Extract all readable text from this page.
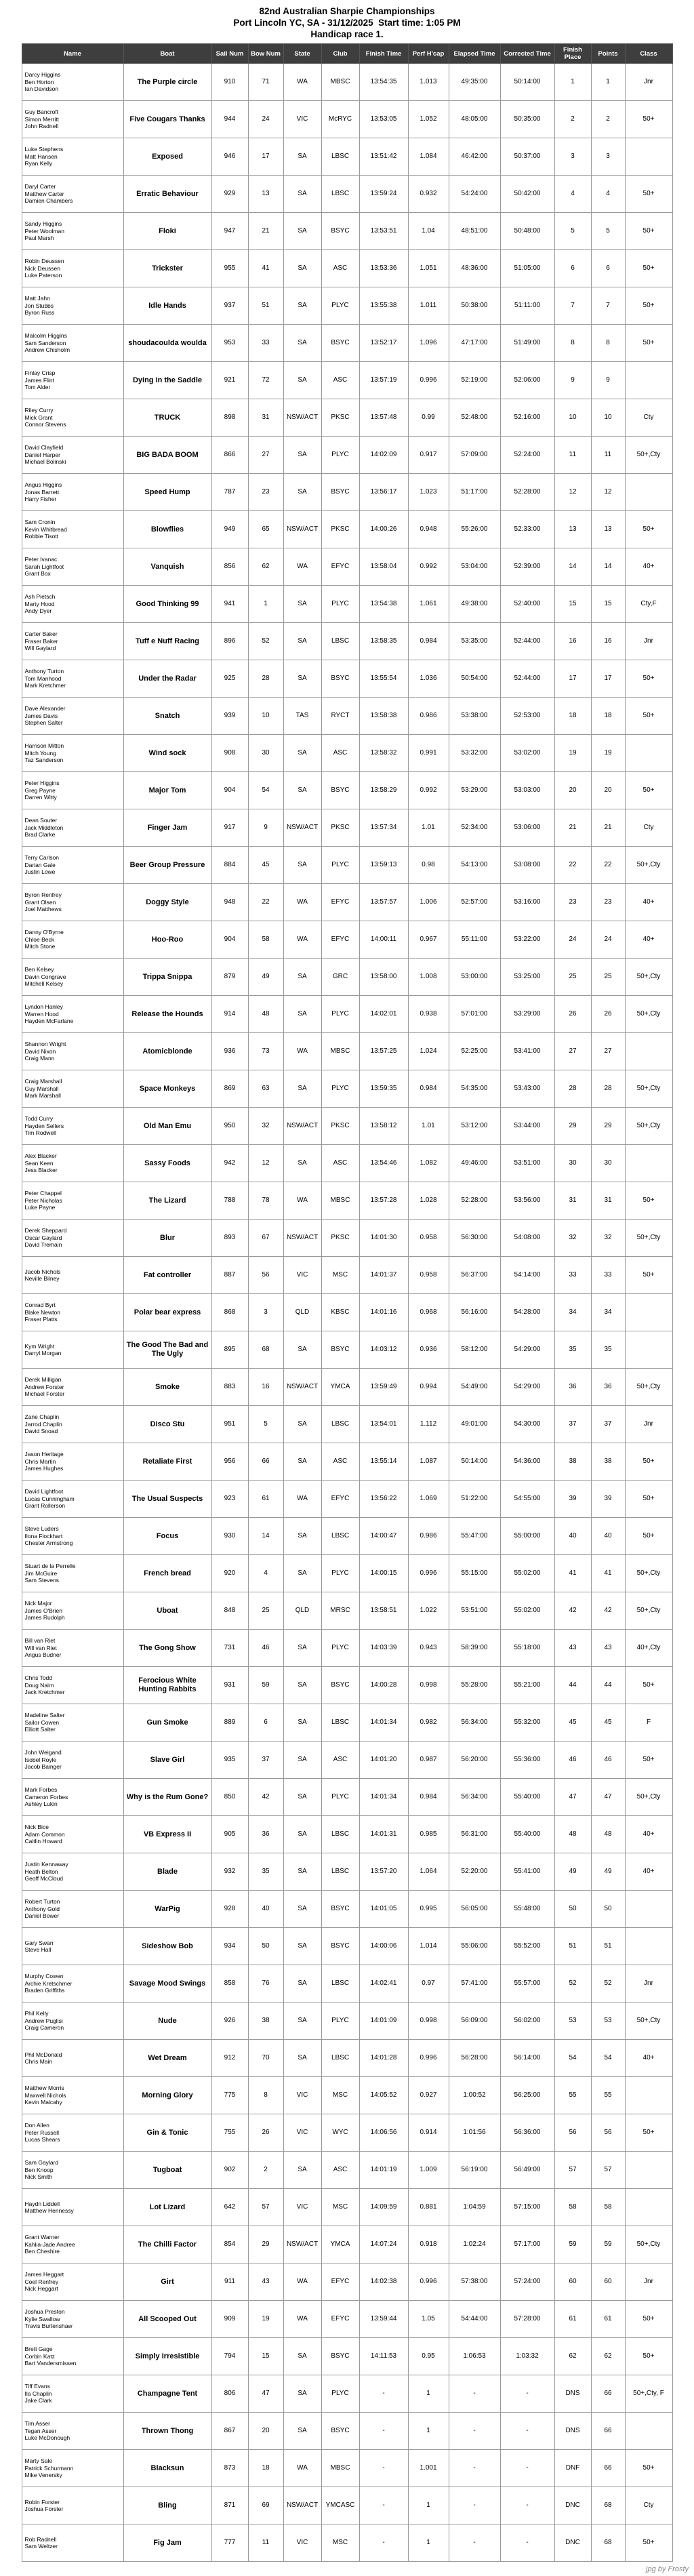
82nd Australian Sharpie Championships
Port Lincoln YC, SA - 31/12/2025  Start time: 1:05 PM
Handicap race 1.
Name	Boat	Sail Num	Bow Num	State	Club	Finish Time	Perf H'cap	Elapsed Time	Corrected Time	Finish Place	Points	Class

Darcy Higgins
Ben Horton
Ian Davidson	The Purple circle	910	71	WA	MBSC	13:54:35	1.013	49:35:00	50:14:00	1	1	Jnr

Guy Bancroft
Simon Merritt
John Radnell	Five Cougars Thanks	944	24	VIC	McRYC	13:53:05	1.052	48:05:00	50:35:00	2	2	50+

Luke Stephens
Matt Hansen
Ryan Kelly	Exposed	946	17	SA	LBSC	13:51:42	1.084	46:42:00	50:37:00	3	3	

Daryl Carter
Matthew Carter
Damien Chambers	Erratic Behaviour	929	13	SA	LBSC	13:59:24	0.932	54:24:00	50:42:00	4	4	50+

Sandy Higgins
Peter Woolman
Paul Marsh	Floki	947	21	SA	BSYC	13:53:51	1.04	48:51:00	50:48:00	5	5	50+

Robin Deussen
Nick Deussen
Luke Paterson	Trickster	955	41	SA	ASC	13:53:36	1.051	48:36:00	51:05:00	6	6	50+

Matt Jahn
Jon Stubbs
Byron Russ	Idle Hands	937	51	SA	PLYC	13:55:38	1.011	50:38:00	51:11:00	7	7	50+

Malcolm Higgins
Sam Sanderson
Andrew Chisholm	shoudacoulda woulda	953	33	SA	BSYC	13:52:17	1.096	47:17:00	51:49:00	8	8	50+

Finlay Crisp
James Flint
Tom Alder	Dying in the Saddle	921	72	SA	ASC	13:57:19	0.996	52:19:00	52:06:00	9	9	

Riley Curry
Mick Grant
Connor Stevens	TRUCK	898	31	NSW/ACT	PKSC	13:57:48	0.99	52:48:00	52:16:00	10	10	Cty

David Clayfield
Daniel Harper
Michael Bolinski	BIG BADA BOOM	866	27	SA	PLYC	14:02:09	0.917	57:09:00	52:24:00	11	11	50+,Cty

Angus Higgins
Jonas Barrett
Harry Fisher	Speed Hump	787	23	SA	BSYC	13:56:17	1.023	51:17:00	52:28:00	12	12	

Sam Cronin
Kevin Whitbread
Robbie Tisott	Blowflies	949	65	NSW/ACT	PKSC	14:00:26	0.948	55:26:00	52:33:00	13	13	50+

Peter Ivanac
Sarah Lightfoot
Grant Box	Vanquish	856	62	WA	EFYC	13:58:04	0.992	53:04:00	52:39:00	14	14	40+

Ash Pietsch
Marty Hood
Andy Dyer	Good Thinking 99	941	1	SA	PLYC	13:54:38	1.061	49:38:00	52:40:00	15	15	Cty,F

Carter Baker
Fraser Baker
Will Gaylard	Tuff e Nuff Racing	896	52	SA	LBSC	13:58:35	0.984	53:35:00	52:44:00	16	16	Jnr

Anthony Turton
Tom Manhood
Mark Kretchmer	Under the Radar	925	28	SA	BSYC	13:55:54	1.036	50:54:00	52:44:00	17	17	50+

Dave Alexander
James Davis
Stephen Salter	Snatch	939	10	TAS	RYCT	13:58:38	0.986	53:38:00	52:53:00	18	18	50+

Harrison Mitton
Mitch Young
Taz Sanderson	Wind sock	908	30	SA	ASC	13:58:32	0.991	53:32:00	53:02:00	19	19	

Peter Higgins
Greg Payne
Darren Witty	Major Tom	904	54	SA	BSYC	13:58:29	0.992	53:29:00	53:03:00	20	20	50+

Dean Souter
Jack Middleton
Brad Clarke	Finger Jam	917	9	NSW/ACT	PKSC	13:57:34	1.01	52:34:00	53:06:00	21	21	Cty

Terry Carlson
Darian Gale
Justin Lowe	Beer Group Pressure	884	45	SA	PLYC	13:59:13	0.98	54:13:00	53:08:00	22	22	50+,Cty

Byron Renfrey
Grant Olsen
Joel Matthews	Doggy Style	948	22	WA	EFYC	13:57:57	1.006	52:57:00	53:16:00	23	23	40+

Danny O'Byrne
Chloe Beck
Mitch Stone	Hoo-Roo	904	58	WA	EFYC	14:00:11	0.967	55:11:00	53:22:00	24	24	40+

Ben Kelsey
Davin Congrave
Mitchell Kelsey	Trippa Snippa	879	49	SA	GRC	13:58:00	1.008	53:00:00	53:25:00	25	25	50+,Cty

Lyndon Hanley
Warren Hood
Hayden McFarlane	Release the Hounds	914	48	SA	PLYC	14:02:01	0.938	57:01:00	53:29:00	26	26	50+,Cty

Shannon Wright
David Nixon
Craig Mann	Atomicblonde	936	73	WA	MBSC	13:57:25	1.024	52:25:00	53:41:00	27	27	

Craig Marshall
Guy Marshall
Mark Marshall	Space Monkeys	869	63	SA	PLYC	13:59:35	0.984	54:35:00	53:43:00	28	28	50+,Cty

Todd Curry
Hayden Sellers
Tim Rodwell	Old Man Emu	950	32	NSW/ACT	PKSC	13:58:12	1.01	53:12:00	53:44:00	29	29	50+,Cty

Alex Blacker
Sean Keen
Jess Blacker	Sassy Foods	942	12	SA	ASC	13:54:46	1.082	49:46:00	53:51:00	30	30	

Peter Chappel
Peter Nicholas
Luke Payne	The Lizard	788	78	WA	MBSC	13:57:28	1.028	52:28:00	53:56:00	31	31	50+

Derek Sheppard
Oscar Gaylard
David Tremain	Blur	893	67	NSW/ACT	PKSC	14:01:30	0.958	56:30:00	54:08:00	32	32	50+,Cty

Jacob Nichols
Neville Bilney	Fat controller	887	56	VIC	MSC	14:01:37	0.958	56:37:00	54:14:00	33	33	50+

Conrad Byrt
Blake Newton
Fraser Platts	Polar bear express	868	3	QLD	KBSC	14:01:16	0.968	56:16:00	54:28:00	34	34	

Kym Wright
Darryl Morgan	The Good The Bad and The Ugly	895	68	SA	BSYC	14:03:12	0.936	58:12:00	54:29:00	35	35	

Derek Milligan
Andrew Forster
Michael Forster	Smoke	883	16	NSW/ACT	YMCA	13:59:49	0.994	54:49:00	54:29:00	36	36	50+,Cty

Zane Chaplin
Jarrod Chaplin
David Snoad	Disco Stu	951	5	SA	LBSC	13:54:01	1.112	49:01:00	54:30:00	37	37	Jnr

Jason Heritage
Chris Martin
James Hughes	Retaliate First	956	66	SA	ASC	13:55:14	1.087	50:14:00	54:36:00	38	38	50+

David Lightfoot
Lucas Cunningham
Grant Rollerson	The Usual Suspects	923	61	WA	EFYC	13:56:22	1.069	51:22:00	54:55:00	39	39	50+

Steve Luders
Ilona Flockhart
Chester Armstrong	Focus	930	14	SA	LBSC	14:00:47	0.986	55:47:00	55:00:00	40	40	50+

Stuart de la Perrelle
Jim McGuire
Sam Stevens	French bread	920	4	SA	PLYC	14:00:15	0.996	55:15:00	55:02:00	41	41	50+,Cty

Nick Major
James O'Brien
James Rudolph	Uboat	848	25	QLD	MRSC	13:58:51	1.022	53:51:00	55:02:00	42	42	50+,Cty

Bill van Riet
Will van Riet
Angus Budner	The Gong Show	731	46	SA	PLYC	14:03:39	0.943	58:39:00	55:18:00	43	43	40+,Cty

Chris Todd
Doug Nairn
Jack Kretchmer	Ferocious White Hunting Rabbits	931	59	SA	BSYC	14:00:28	0.998	55:28:00	55:21:00	44	44	50+

Madeline Salter
Sailor Cowen
Elliott Salter	Gun Smoke	889	6	SA	LBSC	14:01:34	0.982	56:34:00	55:32:00	45	45	F

John Weigand
Isobel Royle
Jacob Bainger	Slave Girl	935	37	SA	ASC	14:01:20	0.987	56:20:00	55:36:00	46	46	50+

Mark Forbes
Cameron Forbes
Ashley Lukin	Why is the Rum Gone?	850	42	SA	PLYC	14:01:34	0.984	56:34:00	55:40:00	47	47	50+,Cty

Nick Bice
Adam Common
Caitlin Howard	VB Express II	905	36	SA	LBSC	14:01:31	0.985	56:31:00	55:40:00	48	48	40+

Justin Kennaway
Heath Belton
Geoff McCloud	Blade	932	35	SA	LBSC	13:57:20	1.064	52:20:00	55:41:00	49	49	40+

Robert Turton
Anthony Gold
Daniel Bower	WarPig	928	40	SA	BSYC	14:01:05	0.995	56:05:00	55:48:00	50	50	

Gary Swan
Steve Hall	Sideshow Bob	934	50	SA	BSYC	14:00:06	1.014	55:06:00	55:52:00	51	51	

Murphy Cowen
Archie Kretschmer
Braden Griffiths	Savage Mood Swings	858	76	SA	LBSC	14:02:41	0.97	57:41:00	55:57:00	52	52	Jnr

Phil Kelly
Andrew Puglisi
Craig Cameron	Nude	926	38	SA	PLYC	14:01:09	0.998	56:09:00	56:02:00	53	53	50+,Cty

Phil McDonald
Chris Main	Wet Dream	912	70	SA	LBSC	14:01:28	0.996	56:28:00	56:14:00	54	54	40+

Matthew Morris
Maxwell Nichols
Kevin Malcahy	Morning Glory	775	8	VIC	MSC	14:05:52	0.927	1:00:52	56:25:00	55	55	

Don Allen
Peter Russell
Lucas Shears	Gin & Tonic	755	26	VIC	WYC	14:06:56	0.914	1:01:56	56:36:00	56	56	50+

Sam Gaylard
Ben Knoop
Nick Smith	Tugboat	902	2	SA	ASC	14:01:19	1.009	56:19:00	56:49:00	57	57	

Haydn Liddell
Matthew Hennessy	Lot Lizard	642	57	VIC	MSC	14:09:59	0.881	1:04:59	57:15:00	58	58	

Grant Warner
Kahlia-Jade Andree
Ben Cheshire	The Chilli Factor	854	29	NSW/ACT	YMCA	14:07:24	0.918	1:02:24	57:17:00	59	59	50+,Cty

James Heggart
Coel Renfrey
Nick Heggart	Girt	911	43	WA	EFYC	14:02:38	0.996	57:38:00	57:24:00	60	60	Jnr

Joshua Preston
Kylie Swallow
Travis Burtenshaw	All Scooped Out	909	19	WA	EFYC	13:59:44	1.05	54:44:00	57:28:00	61	61	50+

Brett Gage
Corbin Katz
Bart Vandersmissen	Simply Irresistible	794	15	SA	BSYC	14:11:53	0.95	1:06:53	1:03:32	62	62	50+

Tiff Evans
Ila Chaplin
Jake Clark	Champagne Tent	806	47	SA	PLYC	-	1	-	-	DNS	66	50+,Cty, F

Tim Asser
Tegan Asser
Luke McDonough	Thrown Thong	867	20	SA	BSYC	-	1	-	-	DNS	66	

Marty Sale
Patrick Schurmann
Mike Venersky	Blacksun	873	18	WA	MBSC	-	1.001	-	-	DNF	66	50+

Robin Forster
Joshua Forster	Bling	871	69	NSW/ACT	YMCASC	-	1	-	-	DNC	68	Cty

Rob Radnell
Sam Weltzer	Fig Jam	777	11	VIC	MSC	-	1	-	-	DNC	68	50+
jpg by Frosty
